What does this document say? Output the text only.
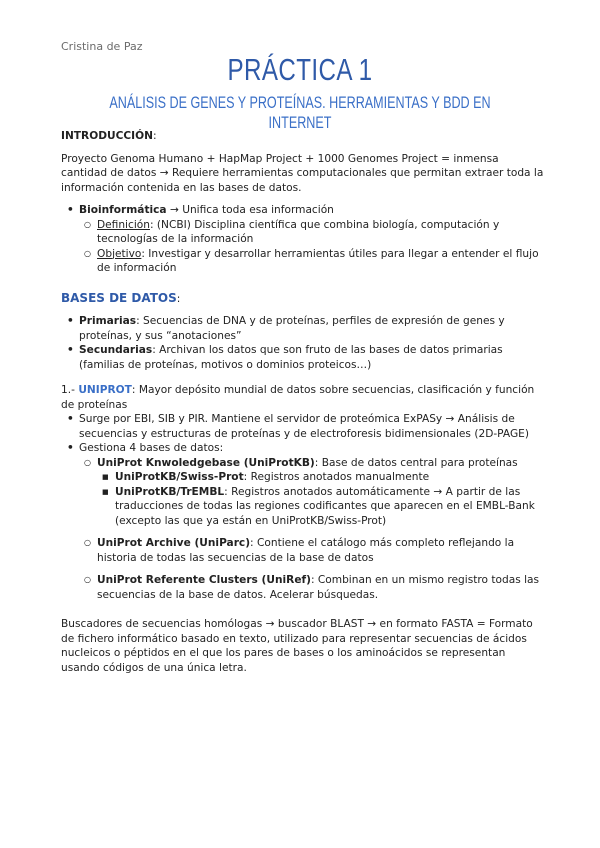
Cristina de Paz
PRÁCTICA 1
ANÁLISIS DE GENES Y PROTEÍNAS. HERRAMIENTAS Y BDD EN INTERNET

INTRODUCCIÓN:

Proyecto Genoma Humano + HapMap Project + 1000 Genomes Project = inmensa cantidad de datos → Requiere herramientas computacionales que permitan extraer toda la información contenida en las bases de datos.

• Bioinformática → Unifica toda esa información
○ Definición: (NCBI) Disciplina científica que combina biología, computación y tecnologías de la información
○ Objetivo: Investigar y desarrollar herramientas útiles para llegar a entender el flujo de información

BASES DE DATOS:

• Primarias: Secuencias de DNA y de proteínas, perfiles de expresión de genes y proteínas, y sus “anotaciones”
• Secundarias: Archivan los datos que son fruto de las bases de datos primarias (familias de proteínas, motivos o dominios proteicos…)

1.- UNIPROT: Mayor depósito mundial de datos sobre secuencias, clasificación y función de proteínas

• Surge por EBI, SIB y PIR. Mantiene el servidor de proteómica ExPASy → Análisis de secuencias y estructuras de proteínas y de electroforesis bidimensionales (2D-PAGE)
• Gestiona 4 bases de datos:
○ UniProt Knwoledgebase (UniProtKB): Base de datos central para proteínas
■ UniProtKB/Swiss-Prot: Registros anotados manualmente
■ UniProtKB/TrEMBL: Registros anotados automáticamente → A partir de las traducciones de todas las regiones codificantes que aparecen en el EMBL-Bank (excepto las que ya están en UniProtKB/Swiss-Prot)
○ UniProt Archive (UniParc): Contiene el catálogo más completo reflejando la historia de todas las secuencias de la base de datos
○ UniProt Referente Clusters (UniRef): Combinan en un mismo registro todas las secuencias de la base de datos. Acelerar búsquedas.

Buscadores de secuencias homólogas → buscador BLAST → en formato FASTA = Formato de fichero informático basado en texto, utilizado para representar secuencias de ácidos nucleicos o péptidos en el que los pares de bases o los aminoácidos se representan usando códigos de una única letra.
